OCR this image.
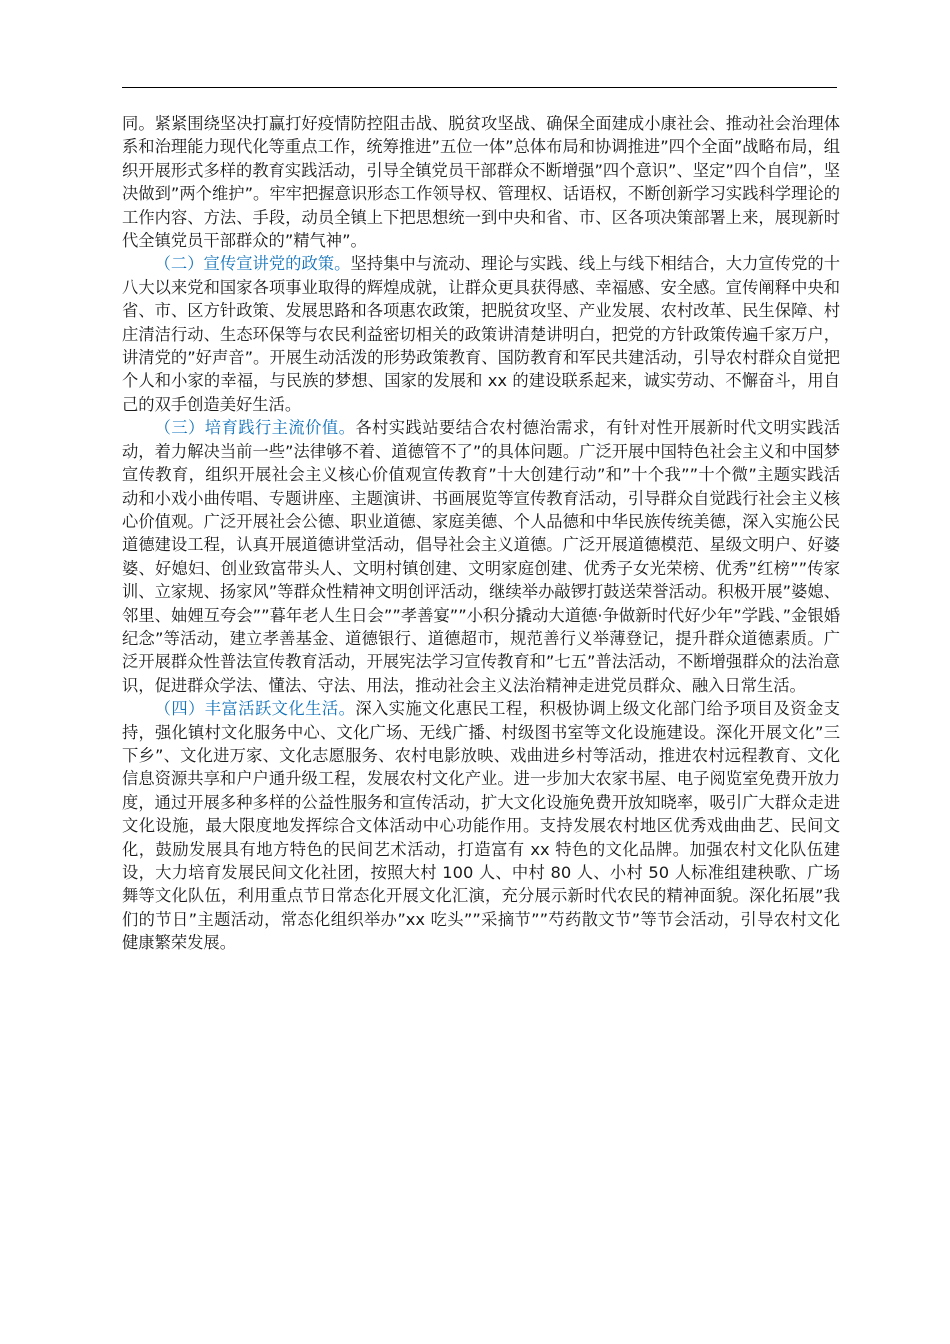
同。紧紧围绕坚决打赢打好疫情防控阻击战、脱贫攻坚战、确保全面建成小康社会、推动社会治理体系和治理能力现代化等重点工作，统筹推进”五位一体”总体布局和协调推进”四个全面”战略布局，组织开展形式多样的教育实践活动，引导全镇党员干部群众不断增强”四个意识”、坚定”四个自信”，坚决做到”两个维护”。牢牢把握意识形态工作领导权、管理权、话语权，不断创新学习实践科学理论的工作内容、方法、手段，动员全镇上下把思想统一到中央和省、市、区各项决策部署上来，展现新时代全镇党员干部群众的”精气神”。

（二）宣传宣讲党的政策。坚持集中与流动、理论与实践、线上与线下相结合，大力宣传党的十八大以来党和国家各项事业取得的辉煌成就，让群众更具获得感、幸福感、安全感。宣传阐释中央和省、市、区方针政策、发展思路和各项惠农政策，把脱贫攻坚、产业发展、农村改革、民生保障、村庄清洁行动、生态环保等与农民利益密切相关的政策讲清楚讲明白，把党的方针政策传遍千家万户，讲清党的”好声音”。开展生动活泼的形势政策教育、国防教育和军民共建活动，引导农村群众自觉把个人和小家的幸福，与民族的梦想、国家的发展和 xx 的建设联系起来，诚实劳动、不懈奋斗，用自己的双手创造美好生活。

（三）培育践行主流价值。各村实践站要结合农村德治需求，有针对性开展新时代文明实践活动，着力解决当前一些”法律够不着、道德管不了”的具体问题。广泛开展中国特色社会主义和中国梦宣传教育，组织开展社会主义核心价值观宣传教育”十大创建行动”和”十个我””十个微”主题实践活动和小戏小曲传唱、专题讲座、主题演讲、书画展览等宣传教育活动，引导群众自觉践行社会主义核心价值观。广泛开展社会公德、职业道德、家庭美德、个人品德和中华民族传统美德，深入实施公民道德建设工程，认真开展道德讲堂活动，倡导社会主义道德。广泛开展道德模范、星级文明户、好婆婆、好媳妇、创业致富带头人、文明村镇创建、文明家庭创建、优秀子女光荣榜、优秀”红榜””传家训、立家规、扬家风”等群众性精神文明创评活动，继续举办敲锣打鼓送荣誉活动。积极开展”婆媳、邻里、妯娌互夸会””暮年老人生日会””孝善宴””小积分撬动大道德·争做新时代好少年”学践、”金银婚纪念”等活动，建立孝善基金、道德银行、道德超市，规范善行义举薄登记，提升群众道德素质。广泛开展群众性普法宣传教育活动，开展宪法学习宣传教育和”七五”普法活动，不断增强群众的法治意识，促进群众学法、懂法、守法、用法，推动社会主义法治精神走进党员群众、融入日常生活。

（四）丰富活跃文化生活。深入实施文化惠民工程，积极协调上级文化部门给予项目及资金支持，强化镇村文化服务中心、文化广场、无线广播、村级图书室等文化设施建设。深化开展文化”三下乡”、文化进万家、文化志愿服务、农村电影放映、戏曲进乡村等活动，推进农村远程教育、文化信息资源共享和户户通升级工程，发展农村文化产业。进一步加大农家书屋、电子阅览室免费开放力度，通过开展多种多样的公益性服务和宣传活动，扩大文化设施免费开放知晓率，吸引广大群众走进文化设施，最大限度地发挥综合文体活动中心功能作用。支持发展农村地区优秀戏曲曲艺、民间文化，鼓励发展具有地方特色的民间艺术活动，打造富有 xx 特色的文化品牌。加强农村文化队伍建设，大力培育发展民间文化社团，按照大村 100 人、中村 80 人、小村 50 人标准组建秧歌、广场舞等文化队伍，利用重点节日常态化开展文化汇演，充分展示新时代农民的精神面貌。深化拓展”我们的节日”主题活动，常态化组织举办”xx 吃头””采摘节””芍药散文节”等节会活动，引导农村文化健康繁荣发展。
